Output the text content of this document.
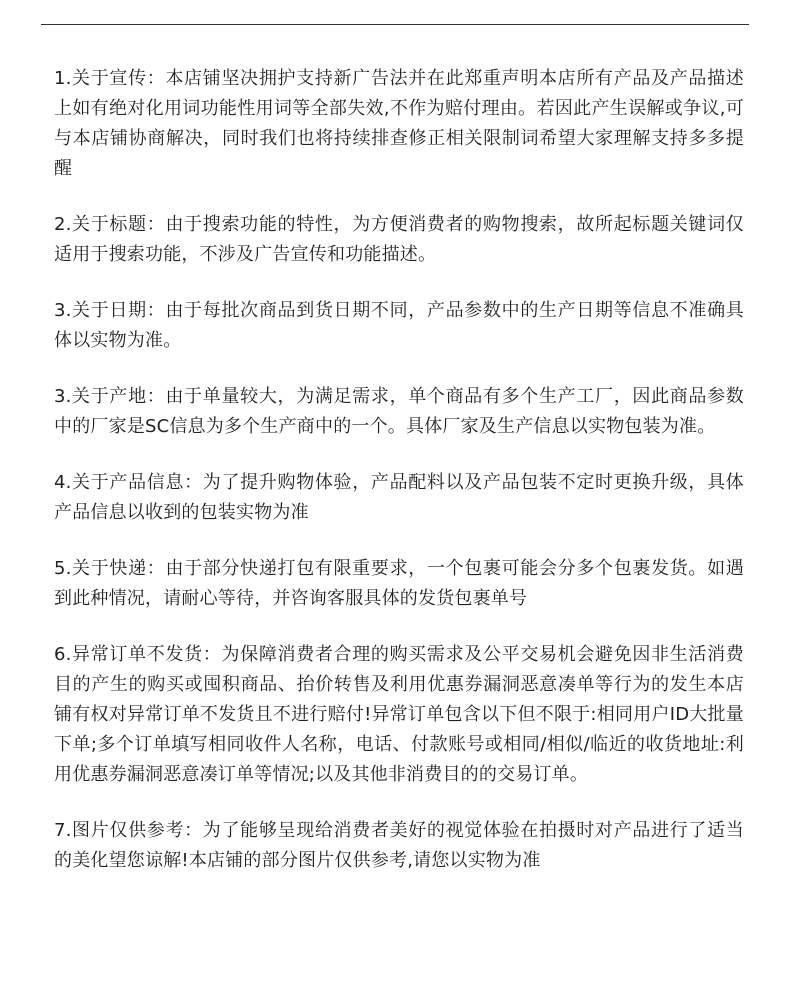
1.关于宣传：本店铺坚决拥护支持新广告法并在此郑重声明本店所有产品及产品描述上如有绝对化用词功能性用词等全部失效,不作为赔付理由。若因此产生误解或争议,可与本店铺协商解决，同时我们也将持续排查修正相关限制词希望大家理解支持多多提醒

2.关于标题：由于搜索功能的特性，为方便消费者的购物搜索，故所起标题关键词仅适用于搜索功能，不涉及广告宣传和功能描述。

3.关于日期：由于每批次商品到货日期不同，产品参数中的生产日期等信息不准确具体以实物为准。

3.关于产地：由于单量较大，为满足需求，单个商品有多个生产工厂，因此商品参数中的厂家是SC信息为多个生产商中的一个。具体厂家及生产信息以实物包装为准。

4.关于产品信息：为了提升购物体验，产品配料以及产品包装不定时更换升级，具体产品信息以收到的包装实物为准

5.关于快递：由于部分快递打包有限重要求，一个包裹可能会分多个包裹发货。如遇到此种情况，请耐心等待，并咨询客服具体的发货包裹单号

6.异常订单不发货：为保障消费者合理的购买需求及公平交易机会避免因非生活消费目的产生的购买或囤积商品、抬价转售及利用优惠券漏洞恶意凑单等行为的发生本店铺有权对异常订单不发货且不进行赔付!异常订单包含以下但不限于:相同用户ID大批量下单;多个订单填写相同收件人名称，电话、付款账号或相同/相似/临近的收货地址:利用优惠券漏洞恶意凑订单等情况;以及其他非消费目的的交易订单。

7.图片仅供参考：为了能够呈现给消费者美好的视觉体验在拍摄时对产品进行了适当的美化望您谅解!本店铺的部分图片仅供参考,请您以实物为准
